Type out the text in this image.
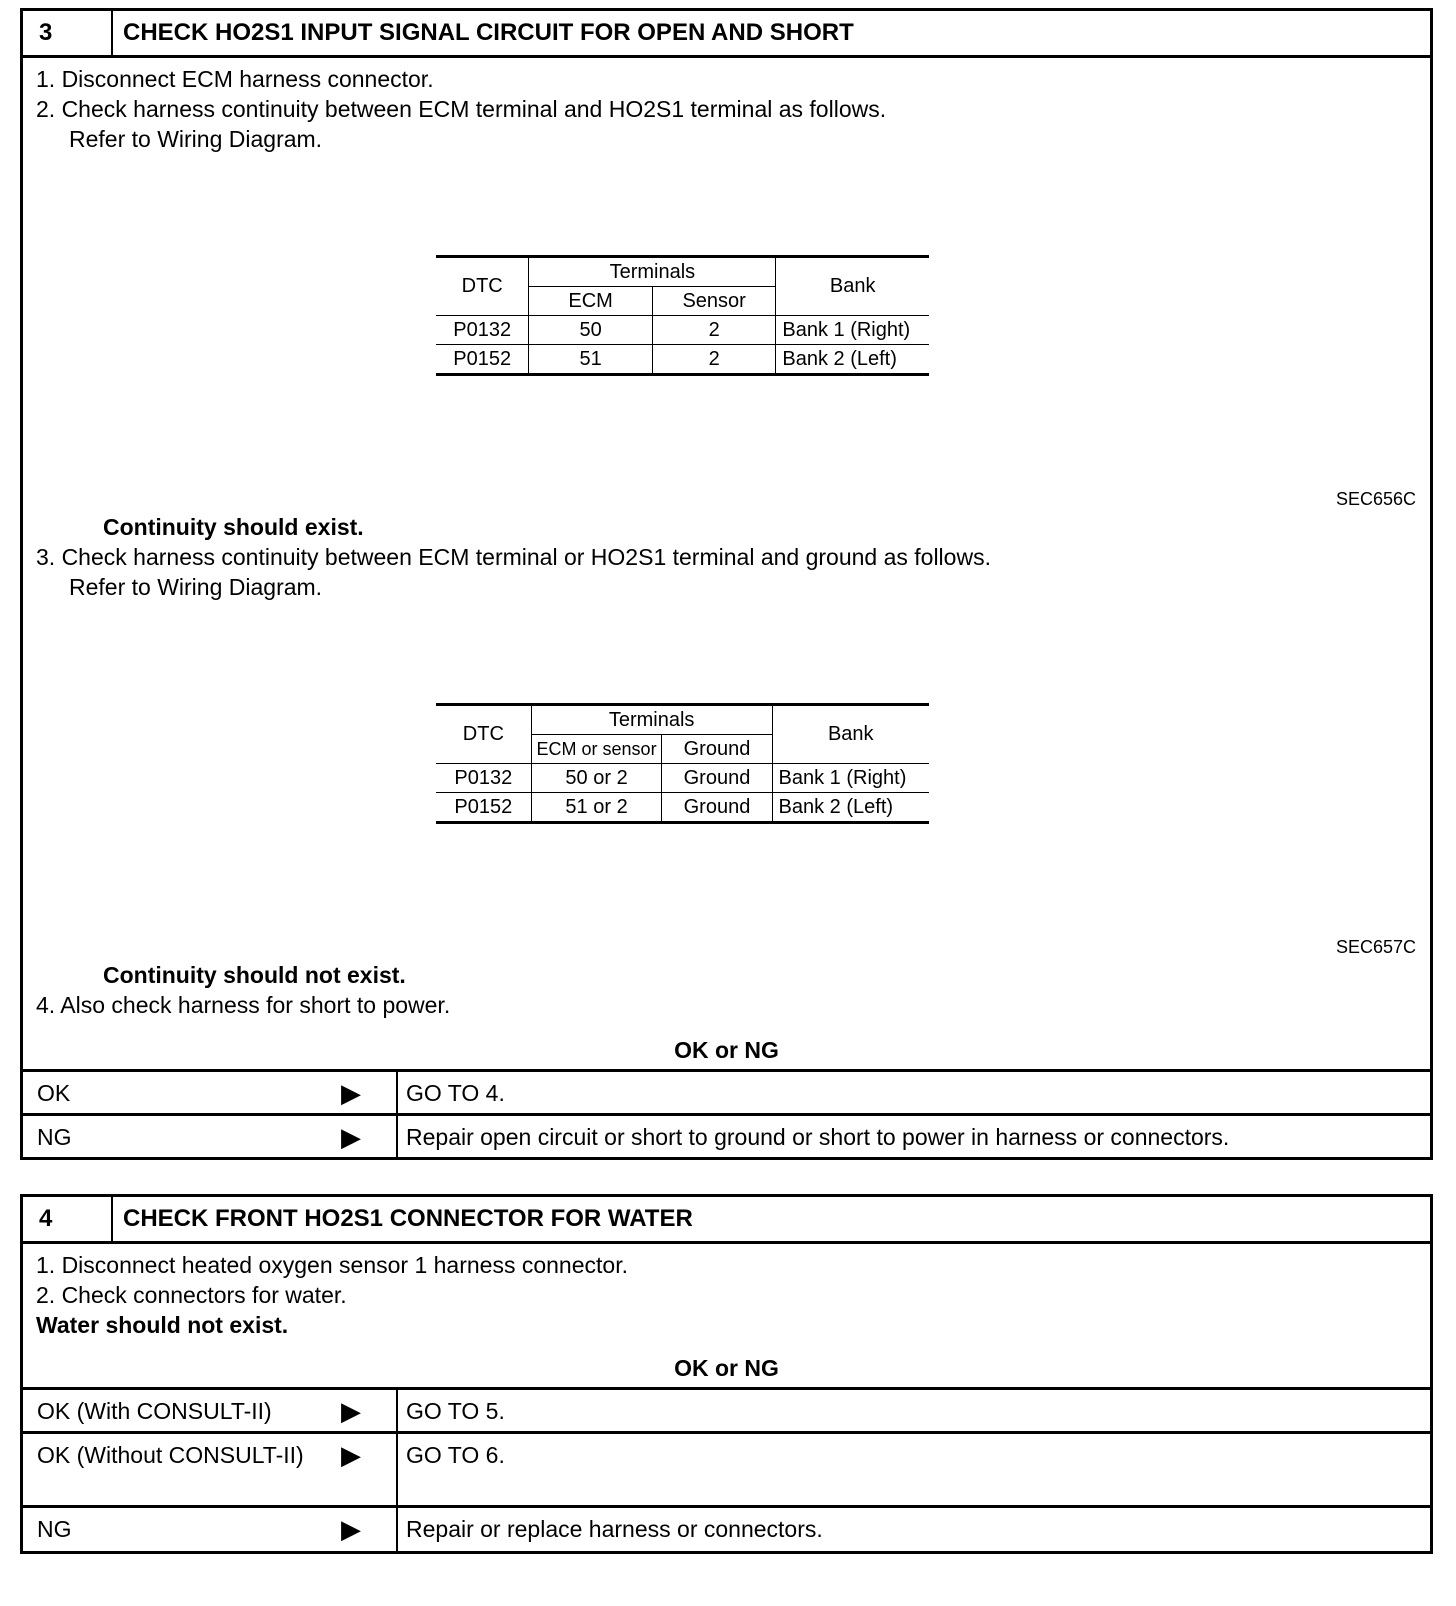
3	CHECK HO2S1 INPUT SIGNAL CIRCUIT FOR OPEN AND SHORT
1. Disconnect ECM harness connector.
2. Check harness continuity between ECM terminal and HO2S1 terminal as follows.
Refer to Wiring Diagram.
DTC	Terminals		Bank
	ECM	Sensor	
P0132	50	2	Bank 1 (Right)
P0152	51	2	Bank 2 (Left)
SEC656C
Continuity should exist.
3. Check harness continuity between ECM terminal or HO2S1 terminal and ground as follows.
Refer to Wiring Diagram.
DTC	Terminals		Bank
	ECM or sensor	Ground	
P0132	50 or 2	Ground	Bank 1 (Right)
P0152	51 or 2	Ground	Bank 2 (Left)
SEC657C
Continuity should not exist.
4. Also check harness for short to power.
OK or NG
OK	▶	GO TO 4.
NG	▶	Repair open circuit or short to ground or short to power in harness or connectors.
4	CHECK FRONT HO2S1 CONNECTOR FOR WATER
1. Disconnect heated oxygen sensor 1 harness connector.
2. Check connectors for water.
Water should not exist.
OK or NG
OK (With CONSULT-II)	▶	GO TO 5.
OK (Without CONSULT-II)	▶	GO TO 6.
NG	▶	Repair or replace harness or connectors.
